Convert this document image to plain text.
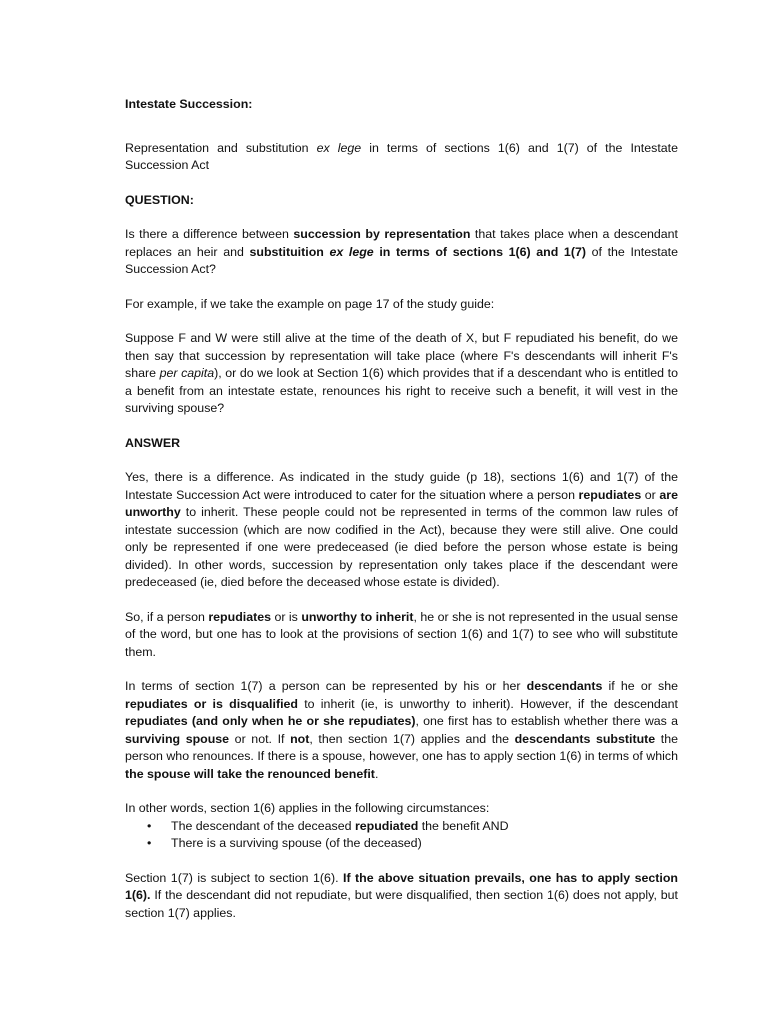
Intestate Succession:

Representation and substitution ex lege in terms of sections 1(6) and 1(7) of the Intestate Succession Act

QUESTION:

Is there a difference between succession by representation that takes place when a descendant replaces an heir and substituition ex lege in terms of sections 1(6) and 1(7) of the Intestate Succession Act?

For example, if we take the example on page 17 of the study guide:

Suppose F and W were still alive at the time of the death of X, but F repudiated his benefit, do we then say that succession by representation will take place (where F's descendants will inherit F's share per capita), or do we look at Section 1(6) which provides that if a descendant who is entitled to a benefit from an intestate estate, renounces his right to receive such a benefit, it will vest in the surviving spouse?

ANSWER

Yes, there is a difference. As indicated in the study guide (p 18), sections 1(6) and 1(7) of the Intestate Succession Act were introduced to cater for the situation where a person repudiates or are unworthy to inherit. These people could not be represented in terms of the common law rules of intestate succession (which are now codified in the Act), because they were still alive. One could only be represented if one were predeceased (ie died before the person whose estate is being divided). In other words, succession by representation only takes place if the descendant were predeceased (ie, died before the deceased whose estate is divided).

So, if a person repudiates or is unworthy to inherit, he or she is not represented in the usual sense of the word, but one has to look at the provisions of section 1(6) and 1(7) to see who will substitute them.

In terms of section 1(7) a person can be represented by his or her descendants if he or she repudiates or is disqualified to inherit (ie, is unworthy to inherit). However, if the descendant repudiates (and only when he or she repudiates), one first has to establish whether there was a surviving spouse or not. If not, then section 1(7) applies and the descendants substitute the person who renounces. If there is a spouse, however, one has to apply section 1(6) in terms of which the spouse will take the renounced benefit.

In other words, section 1(6) applies in the following circumstances:

• The descendant of the deceased repudiated the benefit AND
• There is a surviving spouse (of the deceased)

Section 1(7) is subject to section 1(6). If the above situation prevails, one has to apply section 1(6). If the descendant did not repudiate, but were disqualified, then section 1(6) does not apply, but section 1(7) applies.
